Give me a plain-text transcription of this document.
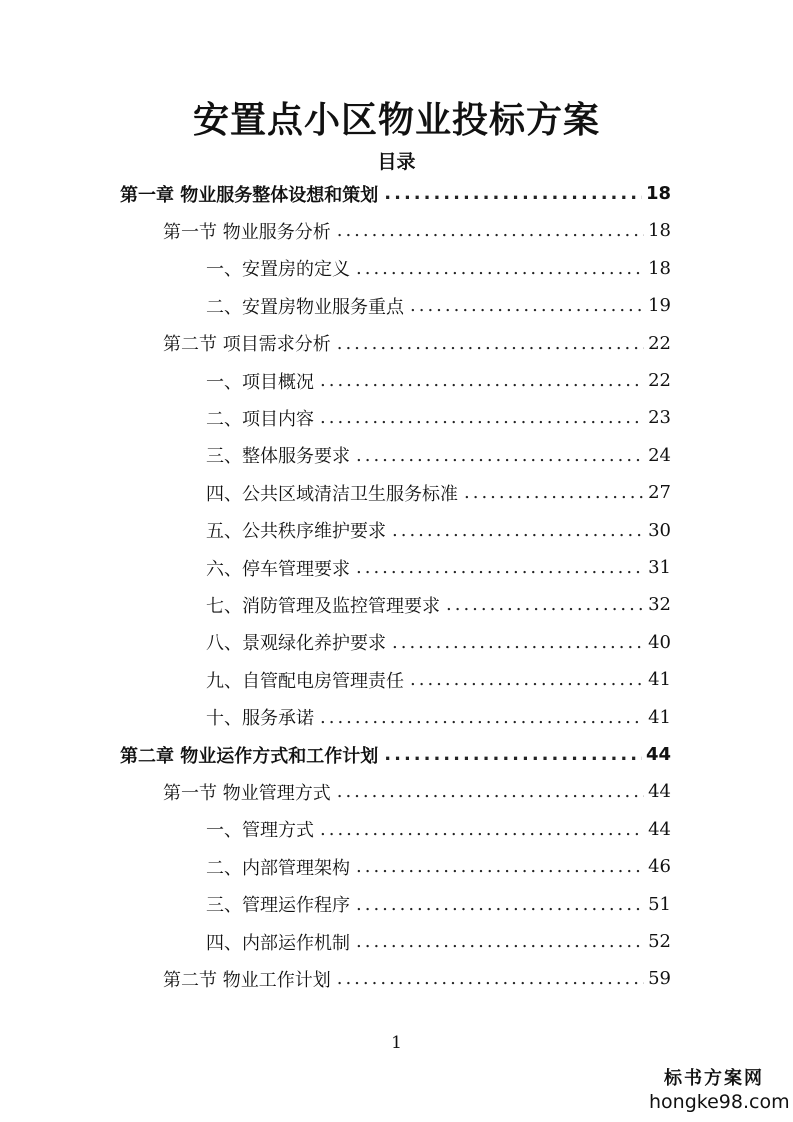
安置点小区物业投标方案
目录
第一章 物业服务整体设想和策划 .....	18
第一节 物业服务分析 .....	18
一、安置房的定义 .....	18
二、安置房物业服务重点 .....	19
第二节 项目需求分析 .....	22
一、项目概况 .....	22
二、项目内容 .....	23
三、整体服务要求 .....	24
四、公共区域清洁卫生服务标准 .....	27
五、公共秩序维护要求 .....	30
六、停车管理要求 .....	31
七、消防管理及监控管理要求 .....	32
八、景观绿化养护要求 .....	40
九、自管配电房管理责任 .....	41
十、服务承诺 .....	41
第二章 物业运作方式和工作计划 .....	44
第一节 物业管理方式 .....	44
一、管理方式 .....	44
二、内部管理架构 .....	46
三、管理运作程序 .....	51
四、内部运作机制 .....	52
第二节 物业工作计划 .....	59
1
标书方案网
hongke98.com
